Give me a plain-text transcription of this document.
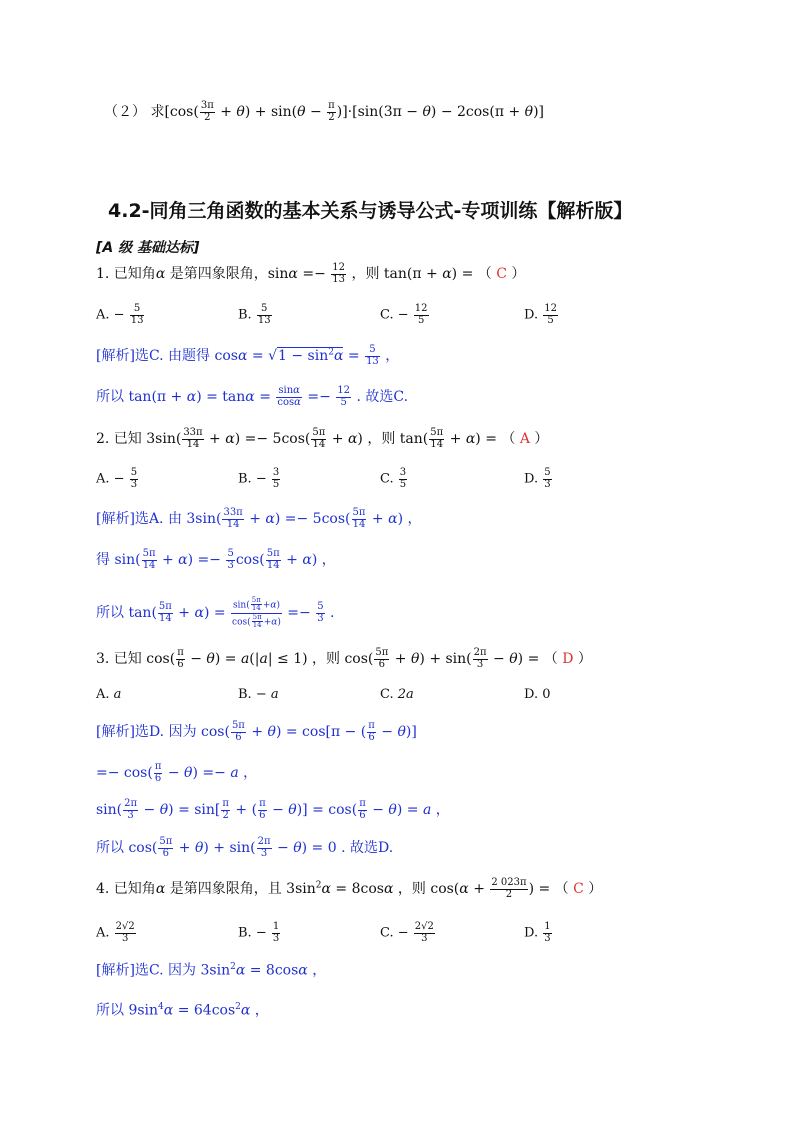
（２） 求$[\cos( \frac{3\pi}{2} + \theta) + \sin(\theta - \frac{\pi}{2} )]\cdot[\sin(3\pi - \theta) - 2\cos(\pi + \theta)]$
4.2-同角三角函数的基本关系与诱导公式-专项训练【解析版】
[A 级 基础达标]
1. 已知角α 是第四象限角，$\sin\alpha =- \frac{12}{13}$ ，则 tan(π + α) = （ C ）
A. − $\frac{5}{13}$	B. $\frac{5}{13}$	C. − $\frac{12}{5}$	D. $\frac{12}{5}$
[解析]选C. 由题得 $\cos\alpha = √1 - \sin^2\alpha = \frac{5}{13}$ ，
所以 $\tan(\pi + \alpha) = \tan\alpha = \frac{\sin\alpha}{\cos\alpha} =- \frac{12}{5}$ . 故选C.
2. 已知 $3\sin( \frac{33\pi}{14} + \alpha) =- 5\cos( \frac{5\pi}{14} + \alpha)$ ，则 $\tan( \frac{5\pi}{14} + \alpha)$ = （ A ）
A. − $\frac{5}{3}$	B. − $\frac{3}{5}$	C. $\frac{3}{5}$	D. $\frac{5}{3}$
[解析]选A. 由 $3\sin( \frac{33\pi}{14} + \alpha) =- 5\cos( \frac{5\pi}{14} + \alpha)$ ，
得 $\sin( \frac{5\pi}{14} + \alpha) =- \frac{5}{3} \cos( \frac{5\pi}{14} + \alpha)$ ，
所以 $\tan( \frac{5\pi}{14} + \alpha) = \frac{\sin( \frac{5\pi}{14} +\alpha)}{\cos( \frac{5\pi}{14} +\alpha)} =- \frac{5}{3}$ .
3. 已知 $\cos( \frac{\pi}{6} - \theta) = a(|a| \le 1)$ ，则 $\cos( \frac{5\pi}{6} + \theta) + \sin( \frac{2\pi}{3} - \theta)$ = （ D ）
A. a	B. − a	C. 2a	D. 0
[解析]选D. 因为 $\cos( \frac{5\pi}{6} + \theta) = \cos[\pi$ − ( $\frac{\pi}{6} - \theta$)]
=− $\cos( \frac{\pi}{6} - \theta) =- a$ ，
$\sin( \frac{2\pi}{3} - \theta) = \sin[ \frac{\pi}{2}$ + ( $\frac{\pi}{6} - \theta)] = \cos( \frac{\pi}{6} - \theta) = a$ ，
所以 $\cos( \frac{5\pi}{6} + \theta) + \sin( \frac{2\pi}{3} - \theta) = 0$ . 故选D.
4. 已知角α 是第四象限角，且 $3\sin^2\alpha = 8\cos\alpha$ ，则 $\cos(\alpha + \frac{2 023\pi}{2}$ ) = （ C ）
A. $\frac{2√2}{3}$	B. − $\frac{1}{3}$	C. − $\frac{2√2}{3}$	D. $\frac{1}{3}$
[解析]选C. 因为 $3\sin^2\alpha = 8\cos\alpha$ ，
所以 $9\sin^4\alpha = 64\cos^2\alpha$ ，
